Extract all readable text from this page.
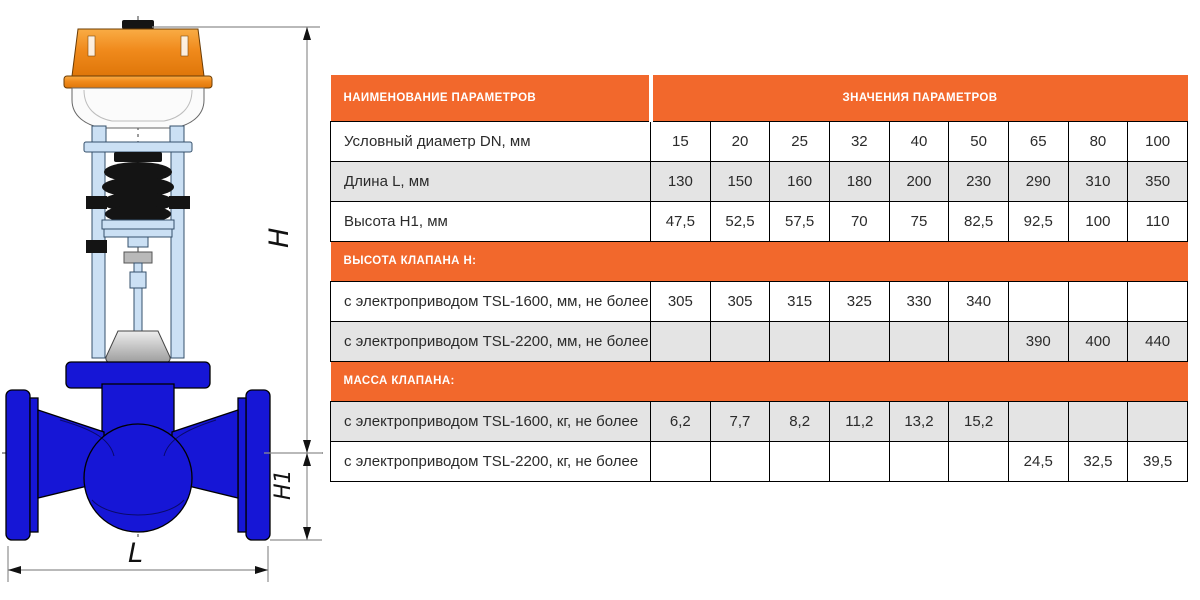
H
H1
L
НАИМЕНОВАНИЕ ПАРАМЕТРОВ	ЗНАЧЕНИЯ ПАРАМЕТРОВ								
Условный диаметр DN, мм	15	20	25	32	40	50	65	80	100
Длина L, мм	130	150	160	180	200	230	290	310	350
Высота H1, мм	47,5	52,5	57,5	70	75	82,5	92,5	100	110
ВЫСОТА КЛАПАНА H:									
с электроприводом TSL-1600, мм, не более	305	305	315	325	330	340			
с электроприводом TSL-2200, мм, не более							390	400	440
МАССА КЛАПАНА:									
с электроприводом TSL-1600, кг, не более	6,2	7,7	8,2	11,2	13,2	15,2			
с электроприводом TSL-2200, кг, не более							24,5	32,5	39,5
